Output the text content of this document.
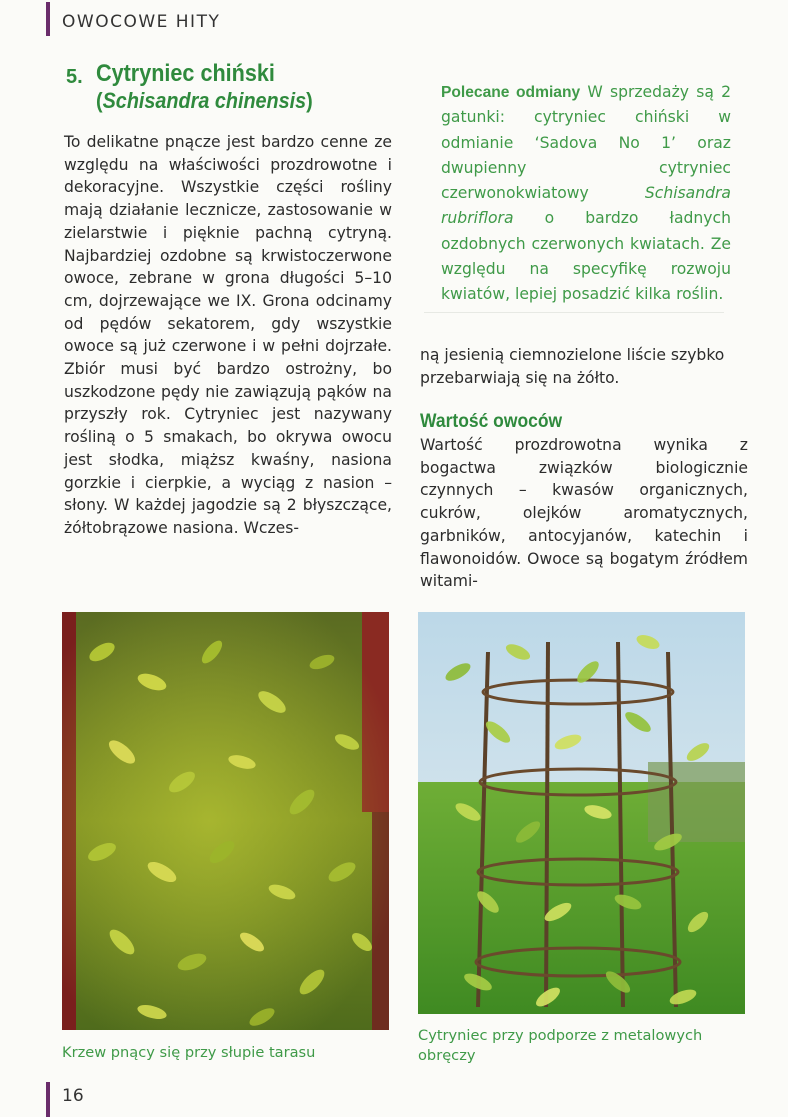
OWOCOWE HITY
5. Cytryniec chiński
(Schisandra chinensis)
To delikatne pnącze jest bardzo cenne ze względu na właściwości prozdrowotne i dekoracyjne. Wszystkie części rośliny mają działanie lecznicze, zastosowanie w zielarstwie i pięknie pachną cytryną. Najbardziej ozdobne są krwistoczerwone owoce, zebrane w grona długości 5–10 cm, dojrzewające we IX. Grona odcinamy od pędów sekatorem, gdy wszystkie owoce są już czerwone i w pełni dojrzałe. Zbiór musi być bardzo ostrożny, bo uszkodzone pędy nie zawiązują pąków na przyszły rok. Cytryniec jest nazywany rośliną o 5 smakach, bo okrywa owocu jest słodka, miąższ kwaśny, nasiona gorzkie i cierpkie, a wyciąg z nasion – słony. W każdej jagodzie są 2 błyszczące, żółtobrązowe nasiona. Wczes-
Polecane odmiany W sprzedaży są 2 gatunki: cytryniec chiński w odmianie ‘Sadova No 1’ oraz dwupienny cytryniec czerwonokwiatowy Schisandra rubriflora o bardzo ładnych ozdobnych czerwonych kwiatach. Ze względu na specyfikę rozwoju kwiatów, lepiej posadzić kilka roślin.
ną jesienią ciemnozielone liście szybko przebarwiają się na żółto.
Wartość owoców
Wartość prozdrowotna wynika z bogactwa związków biologicznie czynnych – kwasów organicznych, cukrów, olejków aromatycznych, garbników, antocyjanów, katechin i flawonoidów. Owoce są bogatym źródłem witami-
Krzew pnący się przy słupie tarasu
Cytryniec przy podporze z metalowych obręczy
16
